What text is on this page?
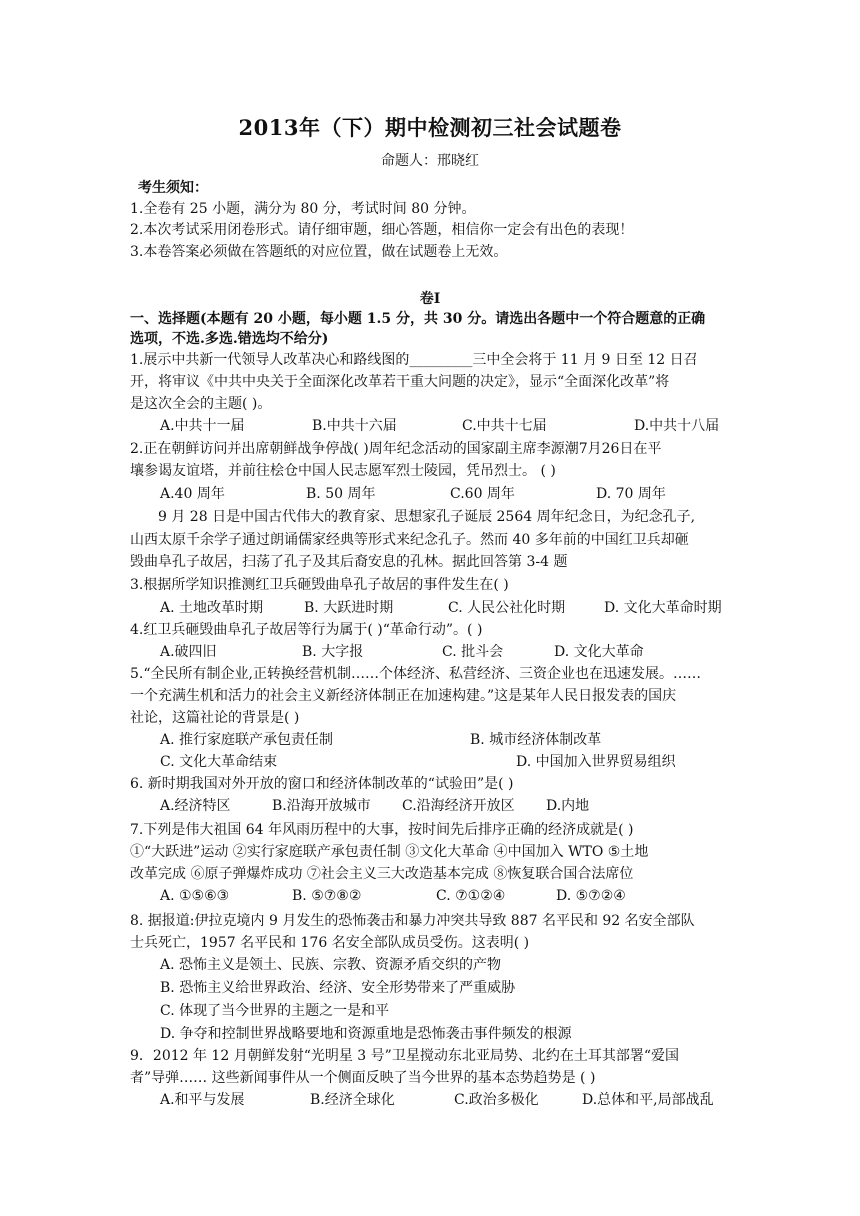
2013年（下）期中检测初三社会试题卷
命题人：邢晓红
考生须知：
1.全卷有 25 小题，满分为 80 分，考试时间 80 分钟。
2.本次考试采用闭卷形式。请仔细审题，细心答题，相信你一定会有出色的表现！
3.本卷答案必须做在答题纸的对应位置，做在试题卷上无效。
卷Ⅰ
一、选择题(本题有 20 小题，每小题 1.5 分，共 30 分。请选出各题中一个符合题意的正确
选项，不选.多选.错选均不给分)
1.展示中共新一代领导人改革决心和路线图的_________三中全会将于 11 月 9 日至 12 日召
开，将审议《中共中央关于全面深化改革若干重大问题的决定》，显示“全面深化改革”将
是这次全会的主题( )。
A.中共十一届	B.中共十六届	C.中共十七届	D.中共十八届
2.正在朝鲜访问并出席朝鲜战争停战( )周年纪念活动的国家副主席李源潮7月26日在平
壤参谒友谊塔，并前往桧仓中国人民志愿军烈士陵园，凭吊烈士。 ( )
A.40 周年	B. 50 周年	C.60 周年	D. 70 周年
9 月 28 日是中国古代伟大的教育家、思想家孔子诞辰 2564 周年纪念日，为纪念孔子,
山西太原千余学子通过朗诵儒家经典等形式来纪念孔子。然而 40 多年前的中国红卫兵却砸
毁曲阜孔子故居，扫荡了孔子及其后裔安息的孔林。据此回答第 3-4 题
3.根据所学知识推测红卫兵砸毁曲阜孔子故居的事件发生在( )
A. 土地改革时期	B. 大跃进时期	C. 人民公社化时期	D. 文化大革命时期
4.红卫兵砸毁曲阜孔子故居等行为属于( )“革命行动”。( )
A.破四旧	B. 大字报	C. 批斗会	D. 文化大革命
5.“全民所有制企业,正转换经营机制……个体经济、私营经济、三资企业也在迅速发展。……
一个充满生机和活力的社会主义新经济体制正在加速构建。”这是某年人民日报发表的国庆
社论，这篇社论的背景是( )
A. 推行家庭联产承包责任制	B. 城市经济体制改革
C. 文化大革命结束	D. 中国加入世界贸易组织
6. 新时期我国对外开放的窗口和经济体制改革的“试验田”是( )
A.经济特区	B.沿海开放城市 C.沿海经济开放区 D.内地
7.下列是伟大祖国 64 年风雨历程中的大事，按时间先后排序正确的经济成就是( )
①“大跃进”运动 ②实行家庭联产承包责任制 ③文化大革命 ④中国加入 WTO ⑤土地
改革完成 ⑥原子弹爆炸成功 ⑦社会主义三大改造基本完成 ⑧恢复联合国合法席位
A. ①⑤⑥③	B. ⑤⑦⑧②	C. ⑦①②④	D. ⑤⑦②④
8. 据报道:伊拉克境内 9 月发生的恐怖袭击和暴力冲突共导致 887 名平民和 92 名安全部队
士兵死亡，1957 名平民和 176 名安全部队成员受伤。这表明( )
A. 恐怖主义是领土、民族、宗教、资源矛盾交织的产物
B. 恐怖主义给世界政治、经济、安全形势带来了严重威胁
C. 体现了当今世界的主题之一是和平
D. 争夺和控制世界战略要地和资源重地是恐怖袭击事件频发的根源
9．2012 年 12 月朝鲜发射“光明星 3 号”卫星搅动东北亚局势、北约在土耳其部署“爱国
者”导弹…… 这些新闻事件从一个侧面反映了当今世界的基本态势趋势是 ( )
A.和平与发展	B.经济全球化	C.政治多极化	D.总体和平,局部战乱
